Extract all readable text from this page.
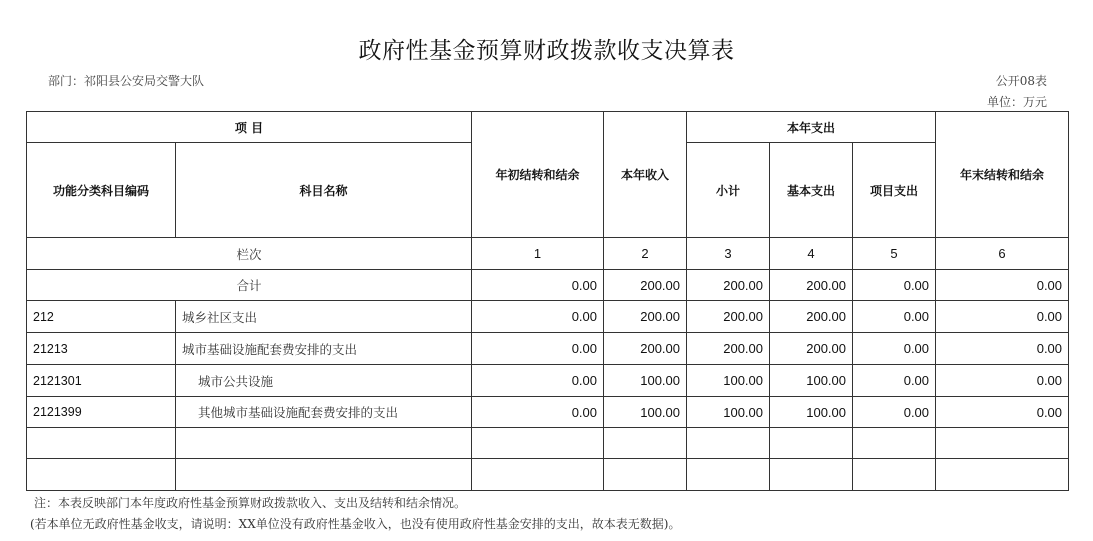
政府性基金预算财政拨款收支决算表
部门：祁阳县公安局交警大队	公开08表
单位：万元
项 目		年初结转和结余	本年收入	本年支出			年末结转和结余
功能分类科目编码	科目名称			小计	基本支出	项目支出	
栏次		1	2	3	4	5	6
合计		0.00	200.00	200.00	200.00	0.00	0.00
212	城乡社区支出	0.00	200.00	200.00	200.00	0.00	0.00
21213	城市基础设施配套费安排的支出	0.00	200.00	200.00	200.00	0.00	0.00
2121301	城市公共设施	0.00	100.00	100.00	100.00	0.00	0.00
2121399	其他城市基础设施配套费安排的支出	0.00	100.00	100.00	100.00	0.00	0.00

注：本表反映部门本年度政府性基金预算财政拨款收入、支出及结转和结余情况。
(若本单位无政府性基金收支，请说明：XX单位没有政府性基金收入，也没有使用政府性基金安排的支出，故本表无数据)。
